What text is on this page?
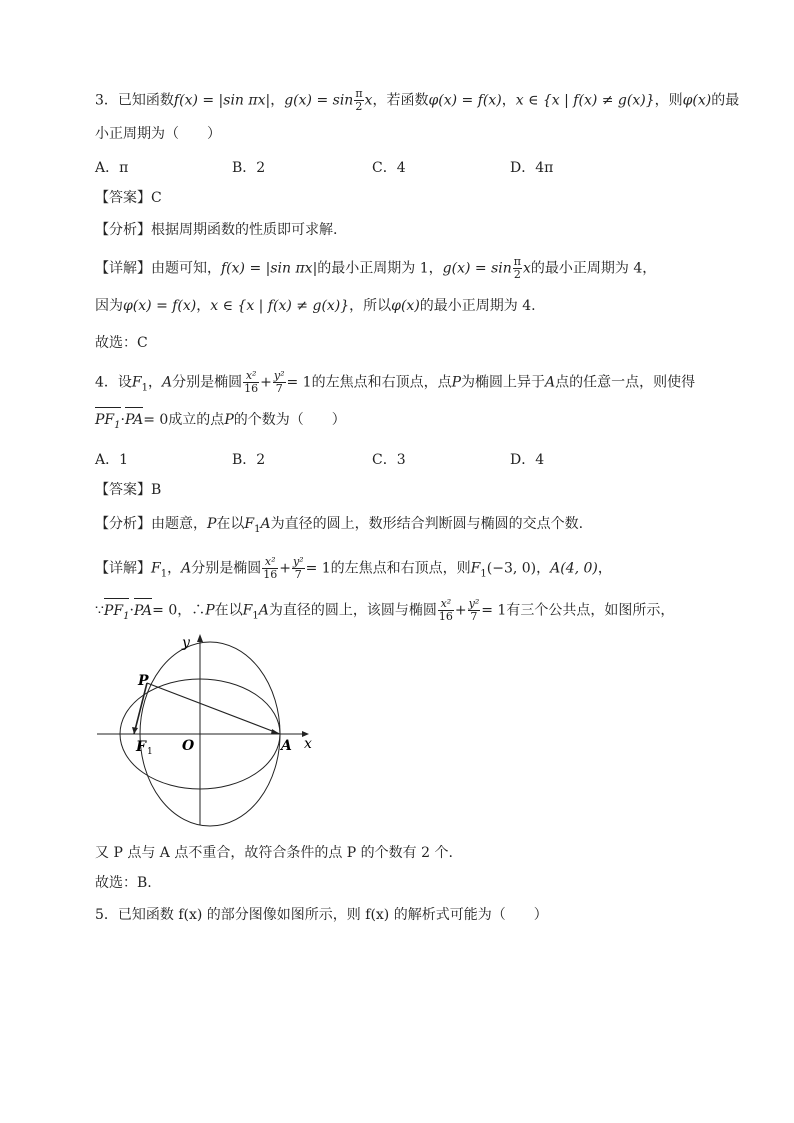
3．已知函数f(x) = |sin πx|，$g(x) = \sin \frac{\pi}{2}$ x，若函数φ(x) = f(x)，x ∈ {x | f(x) ≠ g(x)}，则φ(x)的最
小正周期为（　　）
A．π	B．2	C．4	D．4π
【答案】C
【分析】根据周期函数的性质即可求解.
【详解】由题可知，f(x) = |sin πx|的最小正周期为 1，$g(x) = \sin \frac{\pi}{2}$ x的最小正周期为 4，
因为φ(x) = f(x)，x ∈ {x | f(x) ≠ g(x)}，所以φ(x)的最小正周期为 4.
故选：C
4．设$F_1$，A分别是椭圆 $\frac{\text{x²}}{16} + \frac{\text{y²}}{7} = 1$的左焦点和右顶点，点P为椭圆上异于A点的任意一点，则使得
$PF_1\cdot PA= 0$成立的点P的个数为（　　）
A．1	B．2	C．3	D．4
【答案】B
【分析】由题意，P在以$F_1A$为直径的圆上，数形结合判断圆与椭圆的交点个数.
【详解】$F_1$，A分别是椭圆 $\frac{\text{x²}}{16} + \frac{\text{y²}}{7} = 1$的左焦点和右顶点，则$F_1(-3$, 0)，A(4, 0)，
$\because PF_1\cdot PA= 0$，∴P在以$F_1A$为直径的圆上，该圆与椭圆 $\frac{\text{x²}}{16} + \frac{\text{y²}}{7} = 1$有三个公共点，如图所示，
y
x
P
F 1 O	A
又 P 点与 A 点不重合，故符合条件的点 P 的个数有 2 个.
故选：B.
5．已知函数 f(x) 的部分图像如图所示，则 f(x) 的解析式可能为（　　）
